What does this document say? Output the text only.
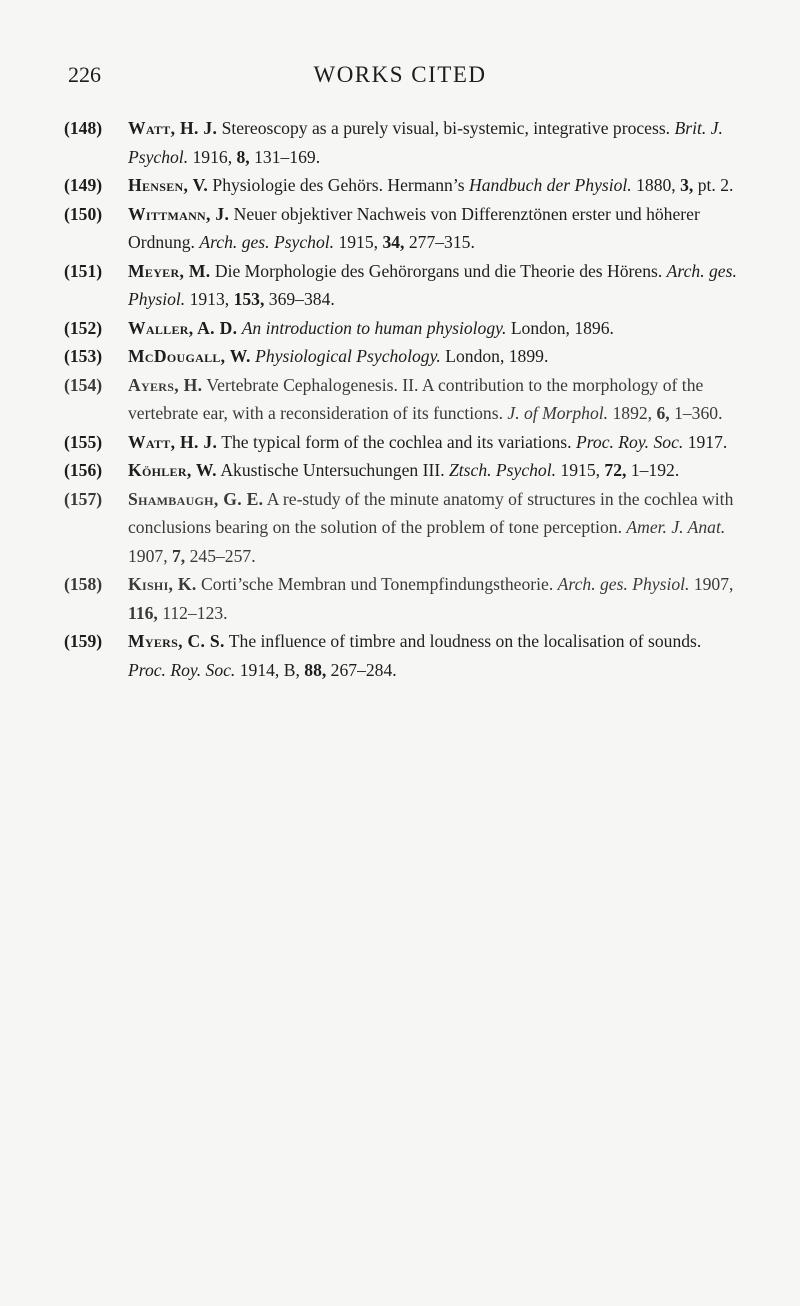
226	WORKS CITED
(148) Watt, H. J. Stereoscopy as a purely visual, bi-systemic, integrative process. Brit. J. Psychol. 1916, 8, 131–169.
(149) Hensen, V. Physiologie des Gehörs. Hermann’s Handbuch der Physiol. 1880, 3, pt. 2.
(150) Wittmann, J. Neuer objektiver Nachweis von Differenztönen erster und höherer Ordnung. Arch. ges. Psychol. 1915, 34, 277–315.
(151) Meyer, M. Die Morphologie des Gehörorgans und die Theorie des Hörens. Arch. ges. Physiol. 1913, 153, 369–384.
(152) Waller, A. D. An introduction to human physiology. London, 1896.
(153) McDougall, W. Physiological Psychology. London, 1899.
(154) Ayers, H. Vertebrate Cephalogenesis. II. A contribution to the morphology of the vertebrate ear, with a reconsideration of its functions. J. of Morphol. 1892, 6, 1–360.
(155) Watt, H. J. The typical form of the cochlea and its variations. Proc. Roy. Soc. 1917.
(156) Köhler, W. Akustische Untersuchungen III. Ztsch. Psychol. 1915, 72, 1–192.
(157) Shambaugh, G. E. A re-study of the minute anatomy of structures in the cochlea with conclusions bearing on the solution of the problem of tone perception. Amer. J. Anat. 1907, 7, 245–257.
(158) Kishi, K. Corti’sche Membran und Tonempfindungstheorie. Arch. ges. Physiol. 1907, 116, 112–123.
(159) Myers, C. S. The influence of timbre and loudness on the localisation of sounds. Proc. Roy. Soc. 1914, B, 88, 267–284.
